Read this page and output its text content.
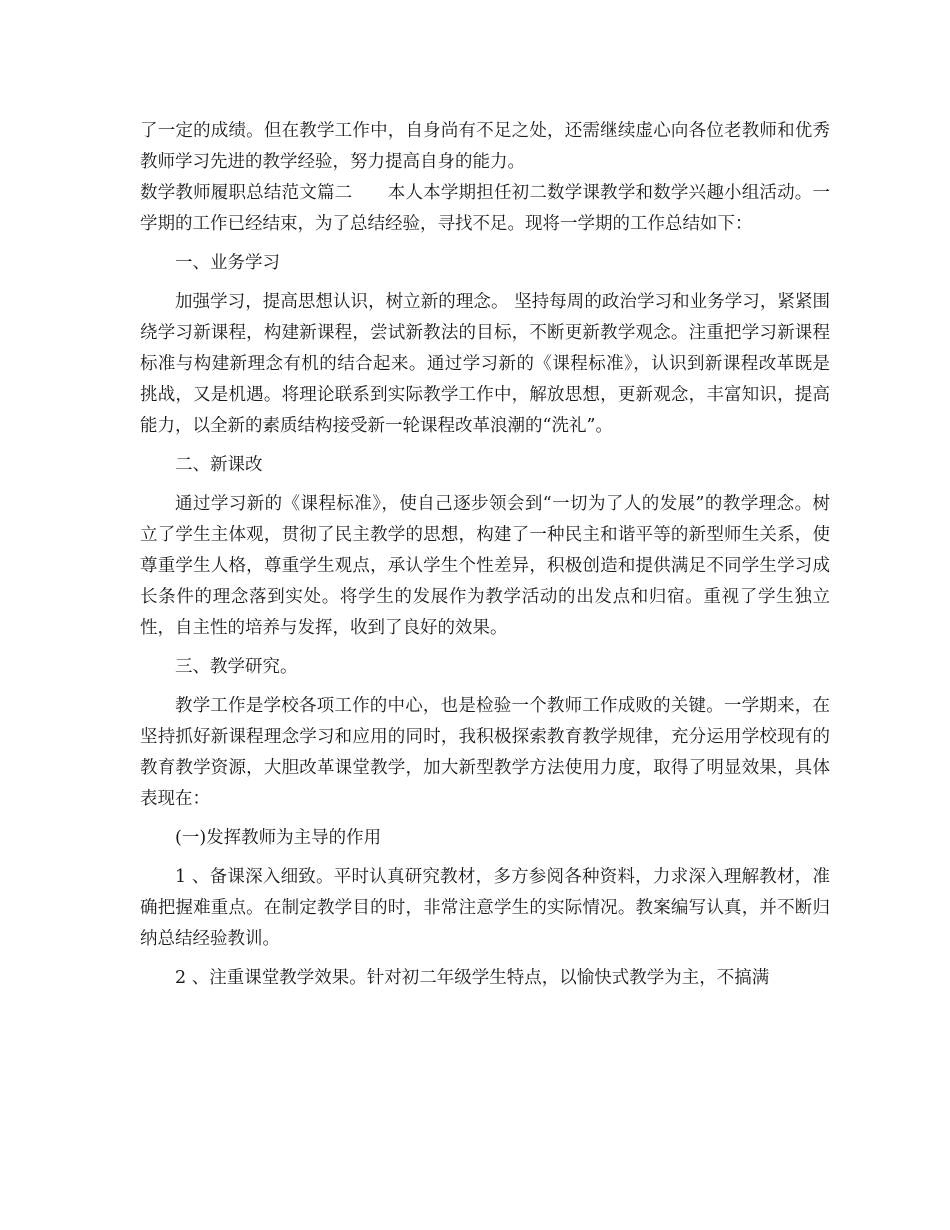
了一定的成绩。但在教学工作中，自身尚有不足之处，还需继续虚心向各位老教师和优秀教师学习先进的教学经验，努力提高自身的能力。

数学教师履职总结范文篇二　　本人本学期担任初二数学课教学和数学兴趣小组活动。一学期的工作已经结束，为了总结经验，寻找不足。现将一学期的工作总结如下：

一、业务学习

加强学习，提高思想认识，树立新的理念。 坚持每周的政治学习和业务学习，紧紧围绕学习新课程，构建新课程，尝试新教法的目标，不断更新教学观念。注重把学习新课程标准与构建新理念有机的结合起来。通过学习新的《课程标准》，认识到新课程改革既是挑战，又是机遇。将理论联系到实际教学工作中，解放思想，更新观念，丰富知识，提高能力，以全新的素质结构接受新一轮课程改革浪潮的“洗礼”。

二、新课改

通过学习新的《课程标准》，使自己逐步领会到“一切为了人的发展”的教学理念。树立了学生主体观，贯彻了民主教学的思想，构建了一种民主和谐平等的新型师生关系，使尊重学生人格，尊重学生观点，承认学生个性差异，积极创造和提供满足不同学生学习成长条件的理念落到实处。将学生的发展作为教学活动的出发点和归宿。重视了学生独立性，自主性的培养与发挥，收到了良好的效果。

三、教学研究。

教学工作是学校各项工作的中心，也是检验一个教师工作成败的关键。一学期来，在坚持抓好新课程理念学习和应用的同时，我积极探索教育教学规律，充分运用学校现有的教育教学资源，大胆改革课堂教学，加大新型教学方法使用力度，取得了明显效果，具体表现在：

(一)发挥教师为主导的作用

1 、备课深入细致。平时认真研究教材，多方参阅各种资料，力求深入理解教材，准确把握难重点。在制定教学目的时，非常注意学生的实际情况。教案编写认真，并不断归纳总结经验教训。

2 、注重课堂教学效果。针对初二年级学生特点，以愉快式教学为主，不搞满
